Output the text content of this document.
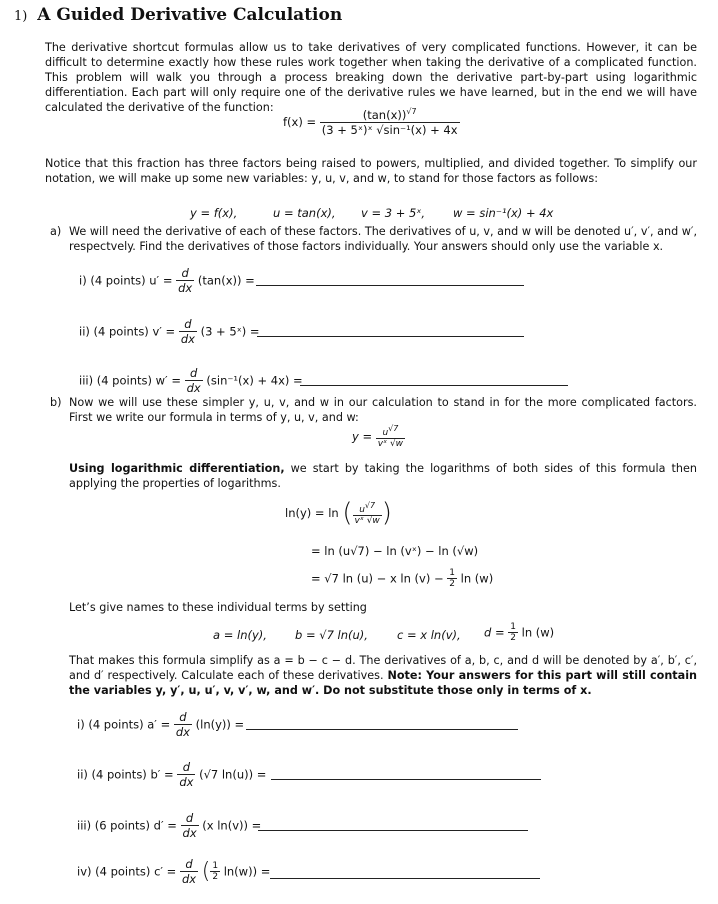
1) A Guided Derivative Calculation
The derivative shortcut formulas allow us to take derivatives of very complicated functions. However, it can be difficult to determine exactly how these rules work together when taking the derivative of a complicated function. This problem will walk you through a process breaking down the derivative part-by-part using logarithmic differentiation. Each part will only require one of the derivative rules we have learned, but in the end we will have calculated the derivative of the function:
$f(x) = \frac{(\tan(x))^{√7}}{\text{(3 + 5ˣ)ˣ √sin⁻¹(x) + 4x}}$
Notice that this fraction has three factors being raised to powers, multiplied, and divided together. To simplify our notation, we will make up some new variables: y, u, v, and w, to stand for those factors as follows:
y = f(x),	u = tan(x), v = 3 + 5ˣ, w = sin⁻¹(x) + 4x
a) We will need the derivative of each of these factors. The derivatives of u, v, and w will be denoted u′, v′, and w′, respectvely. Find the derivatives of those factors individually. Your answers should only use the variable x.
i) (4 points) $u' = \frac{d}{dx} (\tan(x))$ =
ii) (4 points) $v' = \frac{d}{dx} (3$ + 5ˣ) =
iii) (4 points) $w' = \frac{d}{dx} (\sin^{-1}(x) + 4x)$ =
b) Now we will use these simpler y, u, v, and w in our calculation to stand in for the more complicated factors. First we write our formula in terms of y, u, v, and w:
$y = \frac{u^{√7}}{\text{vˣ √w}}$
Using logarithmic differentiation, we start by taking the logarithms of both sides of this formula then applying the properties of logarithms.
ln(y) = ln ( $\frac{u^{√7}}{\text{vˣ √w}}$ )
= ln (u√7) − ln (vˣ) − ln (√w)
= √7 ln (u) − x $\ln (v) - \frac{1}{2}$ ln (w)
Let’s give names to these individual terms by setting
a = ln(y), b = √7 ln(u),	c = x ln(v), $d = \frac{1}{2}$ ln (w)
That makes this formula simplify as a = b − c − d. The derivatives of a, b, c, and d will be denoted by a′, b′, c′, and d′ respectively. Calculate each of these derivatives. Note: Your answers for this part will still contain the variables y, y′, u, u′, v, v′, w, and w′. Do not substitute those only in terms of x.
i) (4 points) $a' = \frac{d}{dx} (\ln(y))$ =
ii) (4 points) $b' = \frac{d}{dx} (√7$ ln(u)) =
iii) (6 points) $d' = \frac{d}{dx} (x$ ln(v)) =
iv) (4 points) $c' = \frac{d}{dx}$ ( $\frac{1}{2} \ln(w)$) =
